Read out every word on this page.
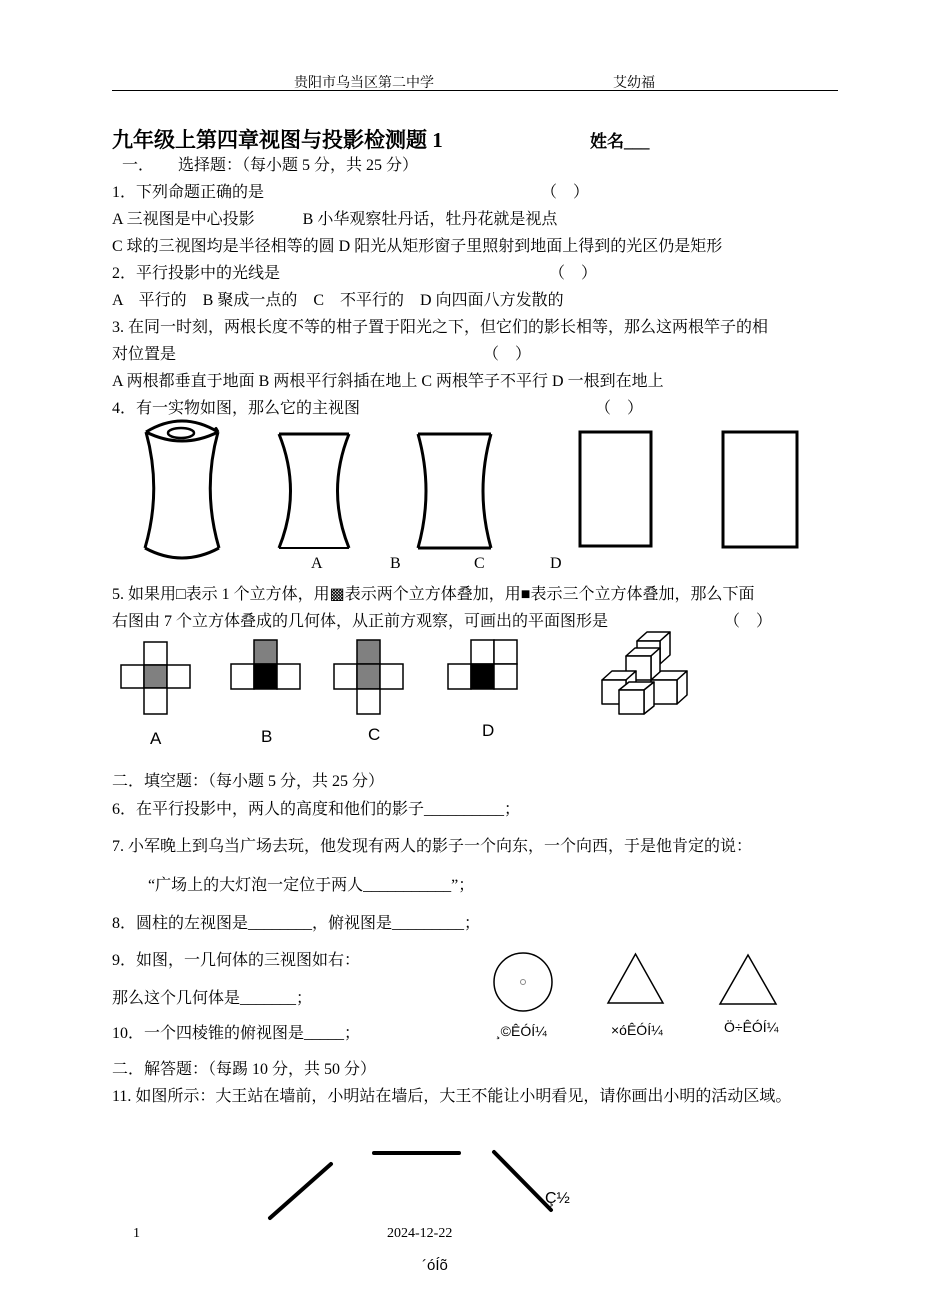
贵阳市乌当区第二中学	艾幼福
九年级上第四章视图与投影检测题 1	姓名___
一．　　选择题：（每小题 5 分，共 25 分）
1．下列命题正确的是	（　）
A 三视图是中心投影　　　B 小华观察牡丹话，牡丹花就是视点
C 球的三视图均是半径相等的圆 D 阳光从矩形窗子里照射到地面上得到的光区仍是矩形
2．平行投影中的光线是	（　）
A　平行的　B 聚成一点的　C　不平行的　D 向四面八方发散的
3. 在同一时刻，两根长度不等的柑子置于阳光之下，但它们的影长相等，那么这两根竿子的相
对位置是	（　）
A 两根都垂直于地面 B 两根平行斜插在地上 C 两根竿子不平行 D 一根到在地上
4．有一实物如图，那么它的主视图	（　）
A	B	C	D
5. 如果用□表示 1 个立方体，用▩表示两个立方体叠加，用■表示三个立方体叠加，那么下面
右图由 7 个立方体叠成的几何体，从正前方观察，可画出的平面图形是	（　）
A	B	C	D
二．填空题：（每小题 5 分，共 25 分）
6．在平行投影中，两人的高度和他们的影子__________；
7. 小军晚上到乌当广场去玩，他发现有两人的影子一个向东，一个向西，于是他肯定的说：
“广场上的大灯泡一定位于两人___________”；
8．圆柱的左视图是________，俯视图是_________；
9．如图，一几何体的三视图如右：
那么这个几何体是_______；
10．一个四棱锥的俯视图是_____；	¸©ÊÓÍ¼	×óÊÓÍ¼	Ö÷ÊÓÍ¼
二．解答题：（每踢 10 分，共 50 分）
11. 如图所示：大王站在墙前，小明站在墙后，大王不能让小明看见，请你画出小明的活动区域。
Ç½
1	2024-12-22
´óÍõ
